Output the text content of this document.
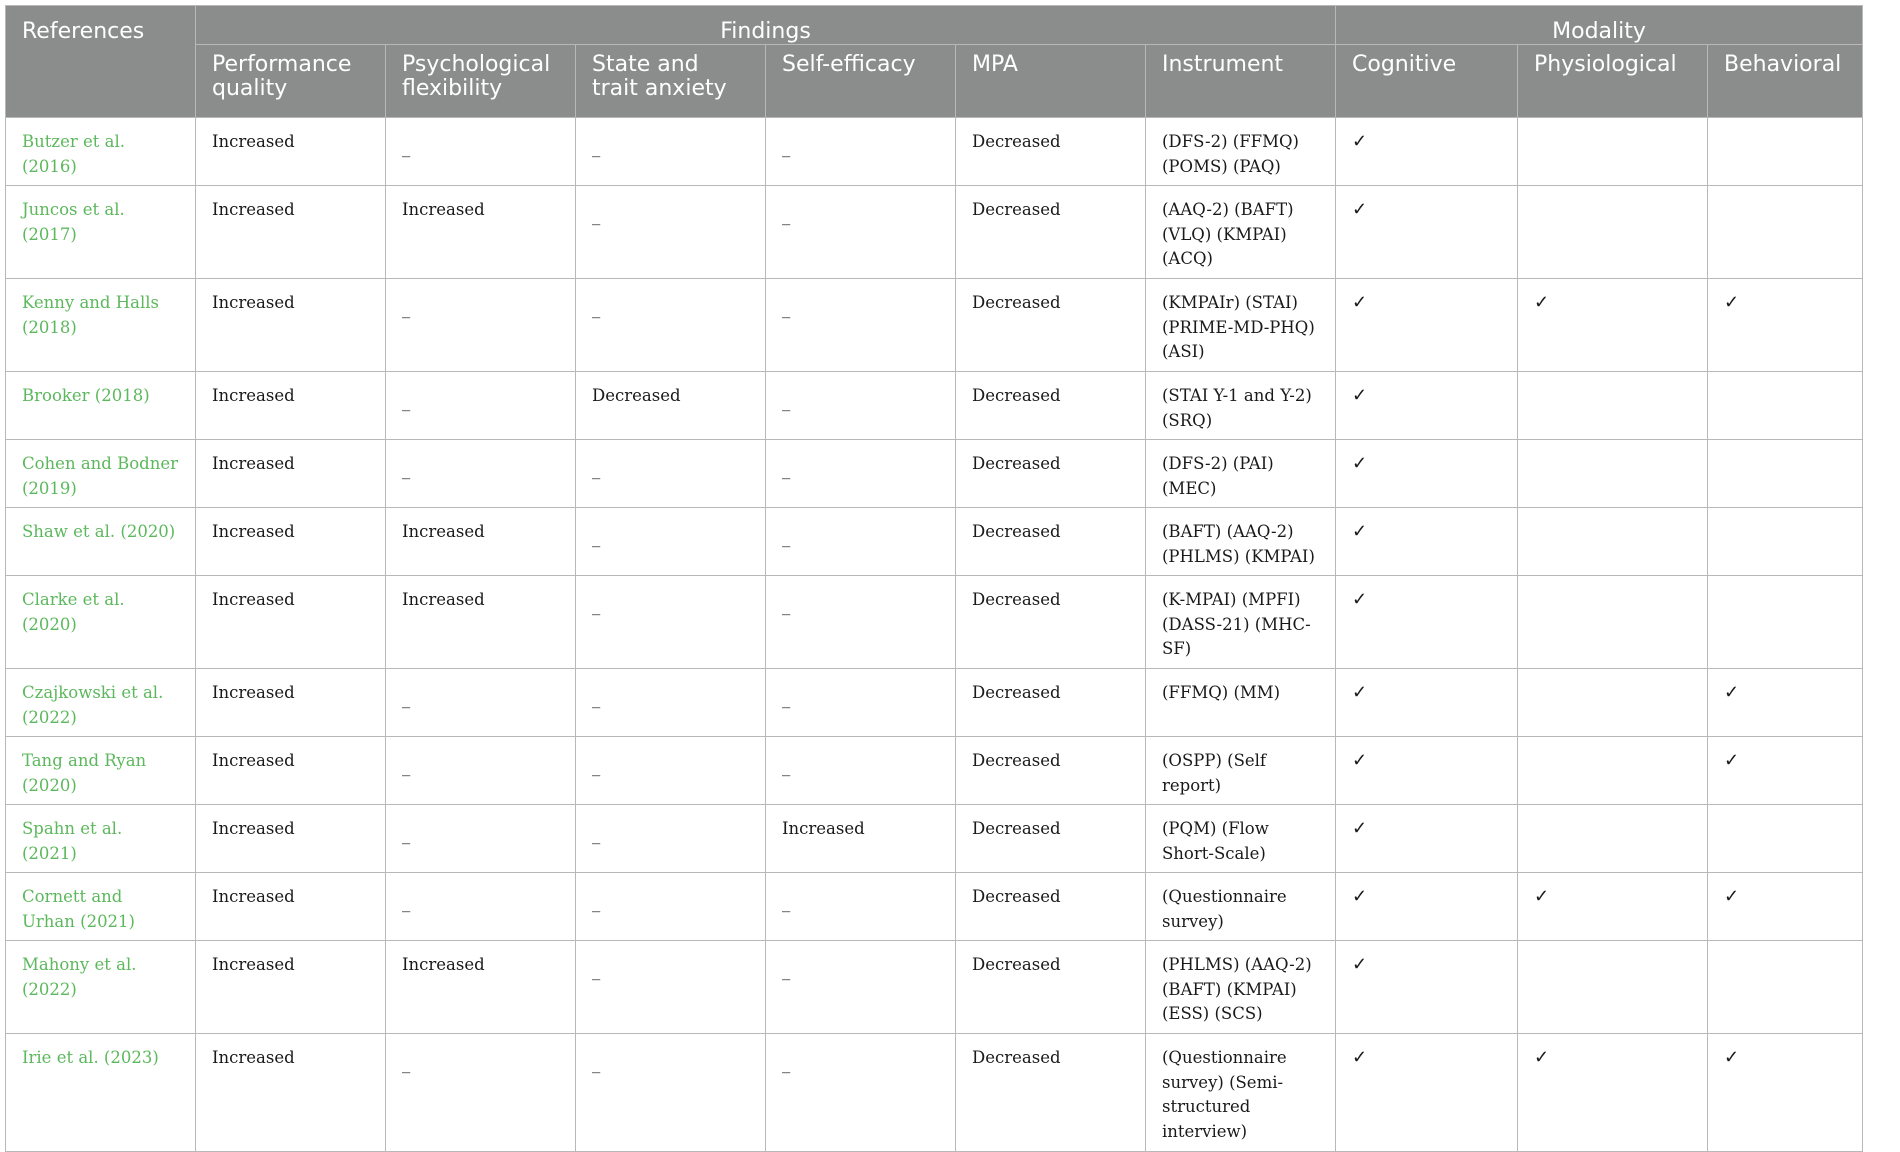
References	Findings						Modality		
	Performance quality	Psychological flexibility	State and trait anxiety	Self-efficacy	MPA	Instrument	Cognitive	Physiological	Behavioral
Butzer et al. (2016)	Increased	_	_	_	Decreased	(DFS-2) (FFMQ) (POMS) (PAQ)	✓		
Juncos et al. (2017)	Increased	Increased	_	_	Decreased	(AAQ-2) (BAFT) (VLQ) (KMPAI) (ACQ)	✓		
Kenny and Halls (2018)	Increased	_	_	_	Decreased	(KMPAIr) (STAI) (PRIME-MD-PHQ) (ASI)	✓	✓	✓
Brooker (2018)	Increased	_	Decreased	_	Decreased	(STAI Y-1 and Y-2) (SRQ)	✓		
Cohen and Bodner (2019)	Increased	_	_	_	Decreased	(DFS-2) (PAI) (MEC)	✓		
Shaw et al. (2020)	Increased	Increased	_	_	Decreased	(BAFT) (AAQ-2) (PHLMS) (KMPAI)	✓		
Clarke et al. (2020)	Increased	Increased	_	_	Decreased	(K-MPAI) (MPFI) (DASS-21) (MHC-SF)	✓		
Czajkowski et al. (2022)	Increased	_	_	_	Decreased	(FFMQ) (MM)	✓		✓
Tang and Ryan (2020)	Increased	_	_	_	Decreased	(OSPP) (Self report)	✓		✓
Spahn et al. (2021)	Increased	_	_	Increased	Decreased	(PQM) (Flow Short-Scale)	✓		
Cornett and Urhan (2021)	Increased	_	_	_	Decreased	(Questionnaire survey)	✓	✓	✓
Mahony et al. (2022)	Increased	Increased	_	_	Decreased	(PHLMS) (AAQ-2) (BAFT) (KMPAI) (ESS) (SCS)	✓		
Irie et al. (2023)	Increased	_	_	_	Decreased	(Questionnaire survey) (Semi-structured interview)	✓	✓	✓
